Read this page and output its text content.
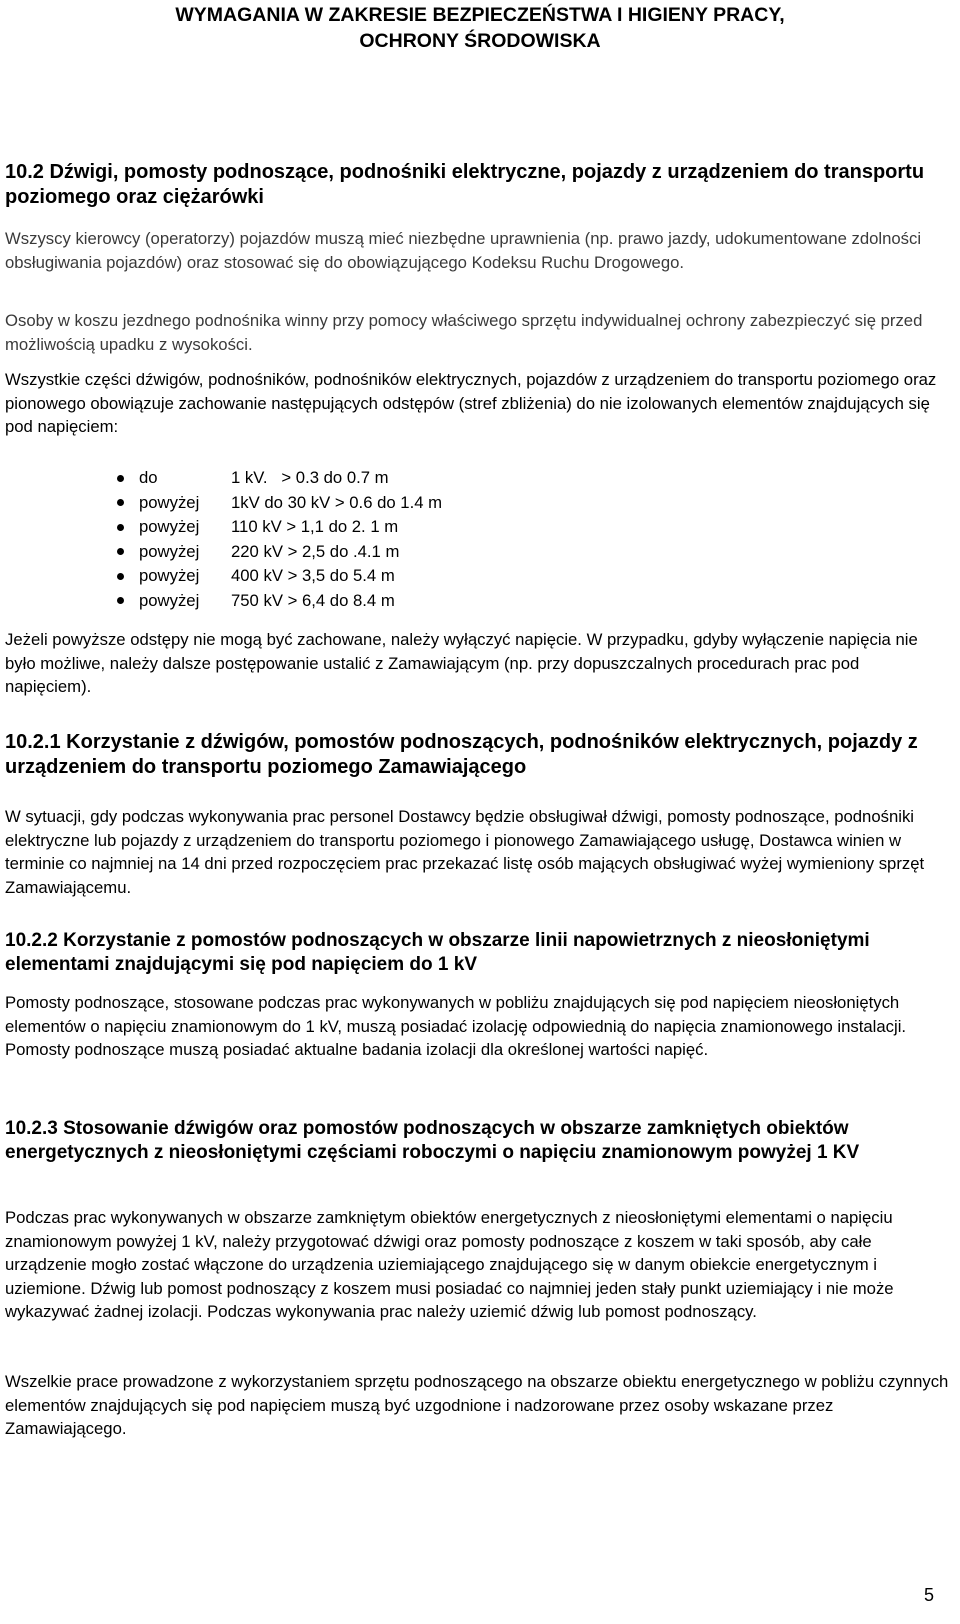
WYMAGANIA W ZAKRESIE BEZPIECZEŃSTWA I HIGIENY PRACY,
OCHRONY ŚRODOWISKA
10.2 Dźwigi, pomosty podnoszące, podnośniki elektryczne, pojazdy z urządzeniem do transportu poziomego oraz ciężarówki

Wszyscy kierowcy (operatorzy) pojazdów muszą mieć niezbędne uprawnienia (np. prawo jazdy, udokumentowane zdolności obsługiwania pojazdów) oraz stosować się do obowiązującego Kodeksu Ruchu Drogowego.

Osoby w koszu jezdnego podnośnika winny przy pomocy właściwego sprzętu indywidualnej ochrony zabezpieczyć się przed możliwością upadku z wysokości.

Wszystkie części dźwigów, podnośników, podnośników elektrycznych, pojazdów z urządzeniem do transportu poziomego oraz pionowego obowiązuje zachowanie następujących odstępów (stref zbliżenia) do nie izolowanych elementów znajdujących się pod napięciem:

do	1 kV.   > 0.3 do 0.7 m
powyżej	1kV do 30 kV > 0.6 do 1.4 m
powyżej	110 kV > 1,1 do 2. 1 m
powyżej	220 kV > 2,5 do .4.1 m
powyżej	400 kV > 3,5 do 5.4 m
powyżej	750 kV > 6,4 do 8.4 m

Jeżeli powyższe odstępy nie mogą być zachowane, należy wyłączyć napięcie. W przypadku, gdyby wyłączenie napięcia nie było możliwe, należy dalsze postępowanie ustalić z Zamawiającym (np. przy dopuszczalnych procedurach prac pod napięciem).

10.2.1 Korzystanie z dźwigów, pomostów podnoszących, podnośników elektrycznych, pojazdy z urządzeniem do transportu poziomego Zamawiającego

W sytuacji, gdy podczas wykonywania prac personel Dostawcy będzie obsługiwał dźwigi, pomosty podnoszące, podnośniki elektryczne lub pojazdy z urządzeniem do transportu poziomego i pionowego Zamawiającego usługę, Dostawca winien w terminie co najmniej na 14 dni przed rozpoczęciem prac przekazać listę osób mających obsługiwać wyżej wymieniony sprzęt Zamawiającemu.

10.2.2 Korzystanie z pomostów podnoszących w obszarze linii napowietrznych z nieosłoniętymi elementami znajdującymi się pod napięciem do 1 kV

Pomosty podnoszące, stosowane podczas prac wykonywanych w pobliżu znajdujących się pod napięciem nieosłoniętych elementów o napięciu znamionowym do 1 kV, muszą posiadać izolację odpowiednią do napięcia znamionowego instalacji. Pomosty podnoszące muszą posiadać aktualne badania izolacji dla określonej wartości napięć.

10.2.3 Stosowanie dźwigów oraz pomostów podnoszących w obszarze zamkniętych obiektów energetycznych z nieosłoniętymi częściami roboczymi o napięciu znamionowym powyżej 1 KV

Podczas prac wykonywanych w obszarze zamkniętym obiektów energetycznych z nieosłoniętymi elementami o napięciu znamionowym powyżej 1 kV, należy przygotować dźwigi oraz pomosty podnoszące z koszem w taki sposób, aby całe urządzenie mogło zostać włączone do urządzenia uziemiającego znajdującego się w danym obiekcie energetycznym i uziemione. Dźwig lub pomost podnoszący z koszem musi posiadać co najmniej jeden stały punkt uziemiający i nie może wykazywać żadnej izolacji. Podczas wykonywania prac należy uziemić dźwig lub pomost podnoszący.

Wszelkie prace prowadzone z wykorzystaniem sprzętu podnoszącego na obszarze obiektu energetycznego w pobliżu czynnych elementów znajdujących się pod napięciem muszą być uzgodnione i nadzorowane przez osoby wskazane przez Zamawiającego.

5
